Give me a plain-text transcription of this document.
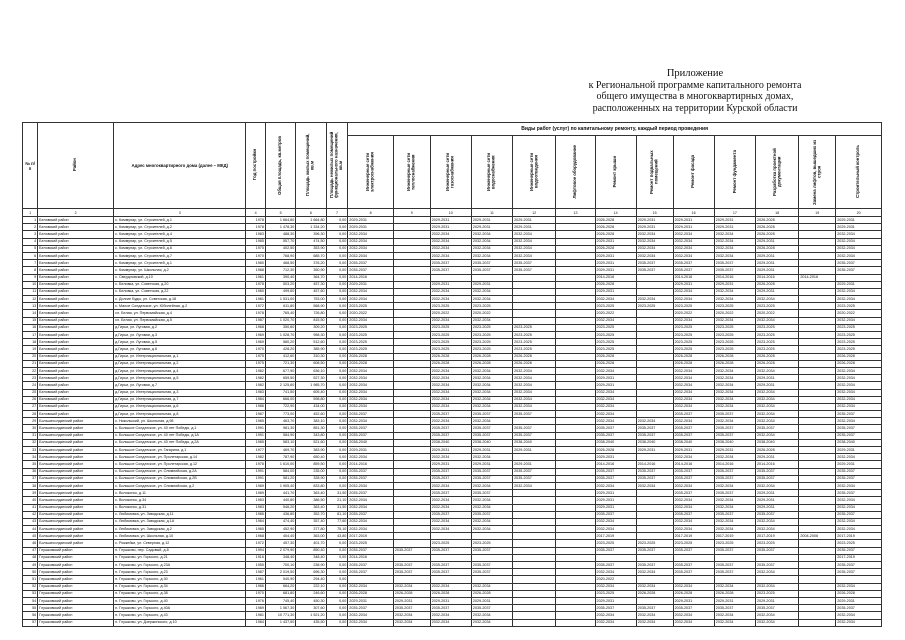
Приложение
к Региональной программе капитального ремонта
общего имущества в многоквартирных домах,
расположенных на территории Курской области
№ п/п	Район	Адрес многоквартирного дома (далее – МКД)	Год постройки	Общая площадь, кв.метров	Площадь жилых помещений, кв.м	Площадь нежилых помещений функционального назначения, кв.м	Виды работ (услуг) по капитальному ремонту, каждый период проведения												
							Инженерные сети электроснабжения	Инженерные сети теплоснабжения	Инженерные сети газоснабжения	Инженерные сети водоснабжения	Инженерные сети водоотведения	Лифтовое оборудование	Ремонт крыши	Ремонт подвальных помещений	Ремонт фасада	Ремонт фундамента	Разработка проектной документации	Замена лифтов, вышедших из строя	Строительный контроль
1	2	3	4	5	6	7	8	9	10	11	12	13	14	15	16	17	18	19	20
1	Беловский район	с. Коммунар, ул. Строителей, д.1	1978	1 664,80	1 664,80	0,00	2029-2031		2029-2031	2029-2031	2029-2031		2026-2028	2029-2031	2029-2031	2029-2031	2026-2028		2029-2031
2	Беловский район	с. Коммунар, ул. Строителей, д.2	1978	1 478,30	1 334,20	0,00	2029-2031		2029-2031	2029-2031	2029-2031		2026-2028	2029-2031	2029-2031	2029-2031	2026-2028		2029-2031
3	Беловский район	с. Коммунар, ул. Строителей, д.4	1983	488,30	396,30	0,00	2032-2034		2032-2034	2032-2034	2032-2034		2026-2028	2032-2034	2032-2034	2032-2034	2026-2028		2032-2034
4	Беловский район	с. Коммунар, ул. Строителей, д.5	1985	557,70	474,50	0,00	2032-2034		2032-2034	2032-2034	2032-2034		2029-2031	2032-2034	2032-2034	2032-2034	2029-2031		2032-2034
5	Беловский район	с. Коммунар, ул. Строителей, д.6	1975	402,50	353,90	0,00	2032-2034		2032-2034	2032-2034	2032-2034		2026-2028	2032-2034	2032-2034	2032-2034	2026-2028		2032-2034
6	Беловский район	с. Коммунар, ул. Строителей, д.7	1970	768,90	685,70	0,00	2032-2034		2032-2034	2032-2034	2032-2034		2029-2031	2032-2034	2032-2034	2032-2034	2029-2031		2032-2034
7	Беловский район	с. Коммунар, ул. Строителей, д.1	1980	468,50	376,20	0,00	2035-2037		2035-2037	2035-2037	2035-2037		2029-2031	2035-2037	2035-2037	2035-2037	2029-2031		2035-2037
8	Беловский район	с. Коммунар, ул. Школьная, д.2	1988	712,30	350,90	0,00	2035-2037		2035-2037	2035-2037	2035-2037		2029-2031	2035-2037	2035-2037	2035-2037	2029-2031		2035-2037
9	Беловский район	с. Свердловский, д.10	1961	390,40	364,70	0,00	2014-2016						2014-2016		2014-2016	2014-2016	2014-2016	2014-2016	
10	Беловский район	с. Беловка, ул. Советская, д.20	1978	503,20	457,30	0,00	2029-2031		2029-2031	2029-2031			2026-2028		2029-2031	2029-2031	2026-2028		2029-2031
11	Беловский район	с. Беловка, ул. Советская, д.22	1980	499,60	457,60	0,00	2032-2034		2032-2034	2032-2034			2029-2031		2032-2034	2032-2034	2029-2031		2032-2034
12	Беловский район	с. Долгие Буды, ул. Советская, д.18	1981	1 531,00	753,00	0,00	2032-2034		2032-2034	2032-2034			2032-2034	2032-2034	2032-2034	2032-2034	2032-2034		2032-2034
13	Беловский район	с. Малое Солдатское, ул. Юбилейная, д.2	1972	611,80	568,90	0,00	2023-2025		2023-2025	2023-2025			2023-2025	2023-2025	2023-2025	2023-2025	2023-2025		2023-2025
14	Беловский район	сл. Белая, ул. Первомайская, д.4	1978	765,40	726,80	0,00	2020-2022		2020-2022	2020-2022			2020-2022		2020-2022	2020-2022	2020-2022		2020-2022
15	Беловский район	сл. Белая, ул. Первомайская, д.5	1987	1 020,70	815,50	0,00	2032-2034		2032-2034	2032-2034			2032-2034		2032-2034	2032-2034	2032-2034		2032-2034
16	Беловский район	д.Гирьи, ул. Луговая, д.2	1968	350,60	309,20	0,00	2023-2025		2023-2025	2023-2025	2023-2025		2023-2025		2023-2025	2023-2025	2023-2025		2023-2025
17	Беловский район	д.Гирьи, ул. Луговая, д.3	1969	1 028,70	958,30	0,00	2023-2025		2023-2025	2023-2025	2023-2025		2023-2025		2023-2025	2023-2025	2023-2025		2023-2025
18	Беловский район	д.Гирьи, ул. Луговая, д.5	1969	580,20	512,60	0,00	2023-2025		2023-2025	2023-2025	2023-2025		2023-2025		2023-2025	2023-2025	2023-2025		2023-2025
19	Беловский район	д.Гирьи, ул. Луговая, д.6	1970	428,20	385,90	0,00	2023-2025		2023-2025	2023-2025	2023-2025		2023-2025		2023-2025	2023-2025	2023-2025		2023-2025
20	Беловский район	д.Гирьи, ул. Интернациональная, д.1	1975	412,60	310,30	0,00	2026-2028		2026-2028	2026-2028	2026-2028		2026-2028		2026-2028	2026-2028	2026-2028		2026-2028
21	Беловский район	д.Гирьи, ул. Интернациональная, д.2	1975	721,30	608,50	0,00	2026-2028		2026-2028	2026-2028	2026-2028		2026-2028		2026-2028	2026-2028	2026-2028		2026-2028
22	Беловский район	д.Гирьи, ул. Интернациональная, д.4	1982	677,90	636,10	0,00	2032-2034		2032-2034	2032-2034	2032-2034		2032-2034		2032-2034	2032-2034	2032-2034		2032-2034
23	Беловский район	д.Гирьи, ул. Интернациональная, д.5	1982	659,50	527,30	0,00	2032-2034		2032-2034	2032-2034	2032-2034		2029-2031		2032-2034	2032-2034	2029-2031		2032-2034
24	Беловский район	д.Гирьи, ул. Луговая, д.7	1982	2 125,60	1 985,70	0,00	2032-2034		2032-2034	2032-2034	2032-2034		2029-2031		2032-2034	2032-2034	2029-2031		2032-2034
25	Беловский район	д.Гирьи, ул. Интернациональная, д.3	1983	741,50	605,40	0,00	2032-2034		2032-2034	2032-2034	2032-2034		2032-2034		2032-2034	2032-2034	2032-2034		2032-2034
26	Беловский район	д.Гирьи, ул. Интернациональная, д.7	1984	666,00	598,80	0,00	2032-2034		2032-2034	2032-2034	2032-2034		2032-2034		2032-2034	2032-2034	2032-2034		2032-2034
27	Беловский район	д.Гирьи, ул. Интернациональная, д.6	1986	722,90	434,00	0,00	2032-2034		2032-2034	2032-2034	2032-2034		2032-2034		2032-2034	2032-2034	2032-2034		2032-2034
28	Беловский район	д.Гирьи, ул. Интернациональная, д.8	1987	773,00	452,60	0,00	2035-2037		2035-2037	2035-2037	2035-2037		2032-2034		2035-2037	2035-2037	2032-2034		2035-2037
29	Большесолдатский район	с. Никольский, ул. Школьная, д.98	1985	463,70	383,10	0,00	2032-2034		2032-2034	2032-2034			2032-2034	2032-2034	2032-2034	2032-2034	2032-2034		2032-2034
30	Большесолдатский район	с. Большое Солдатское, ул. 40 лет Победы, д.1	1991	981,30	851,30	0,00	2035-2037		2035-2037	2035-2037	2035-2037		2035-2037	2035-2037	2035-2037	2035-2037	2035-2037		2035-2037
31	Большесолдатский район	с. Большое Солдатское, ул. 40 лет Победы, д.1А	1991	584,90	343,80	0,00	2035-2037		2035-2037	2035-2037	2035-2037		2035-2037	2035-2037	2035-2037	2035-2037	2032-2034		2035-2037
32	Большесолдатский район	с. Большое Солдатское, ул. 40 лет Победы, д.2А	1985	583,10	521,60	0,00	2038-2040		2038-2040	2038-2040	2038-2040		2038-2040	2038-2040	2038-2040	2038-2040	2038-2040		2038-2040
33	Большесолдатский район	с. Большое Солдатское, ул. Гагарина, д.1	1977	469,70	383,90	0,00	2029-2031		2029-2031	2029-2031	2029-2031		2026-2028	2029-2031	2029-2031	2029-2031	2026-2028		2029-2031
34	Большесолдатский район	с. Большое Солдатское, ул. Пролетарская, д.14	1982	787,90	650,40	0,00	2032-2034		2032-2034	2032-2034			2029-2031		2032-2034	2032-2034	2029-2031		2032-2034
35	Большесолдатский район	с. Большое Солдатское, ул. Пролетарская, д.12	1978	1 610,00	859,50	0,00	2014-2016		2029-2031	2029-2031	2029-2031		2014-2016	2014-2016	2014-2016	2014-2016	2014-2016		2029-2031
36	Большесолдатский район	с. Большое Солдатское, ул. Олимпийская, д.2А	1991	584,00	235,00	0,00	2035-2037		2035-2037	2035-2037	2035-2037		2035-2037	2035-2037	2035-2037	2035-2037	2035-2037		2035-2037
37	Большесолдатский район	с. Большое Солдатское, ул. Олимпийская, д.2В	1991	581,20	328,90	0,00	2035-2037		2035-2037	2035-2037	2035-2037		2035-2037	2035-2037	2035-2037	2035-2037	2035-2037		2035-2037
38	Большесолдатский район	с. Большое Солдатское, ул. Олимпийская, д.2	1989	1 905,40	833,80	0,00	2032-2034		2032-2034	2032-2034	2032-2034		2032-2034	2032-2034	2032-2034	2032-2034	2032-2034		2032-2034
39	Большесолдатский район	с. Волоконск, д.11	1989	441,70	363,40	31,50	2035-2037		2035-2037	2035-2037			2029-2031		2035-2037	2035-2037	2029-2031		2035-2037
40	Большесолдатский район	с. Волоконск, д.34	1983	440,80	386,50	21,10	2032-2034		2032-2034	2032-2034			2029-2031		2032-2034	2032-2034	2029-2031		2032-2034
41	Большесолдатский район	с. Волоконск, д.31	1983	546,20	363,40	31,50	2032-2034		2032-2034	2032-2034			2029-2031		2032-2034	2032-2034	2029-2031		2032-2034
42	Большесолдатский район	с. Любимовка, ул. Заводская, д.11	1986	436,80	352,70	81,10	2035-2037		2035-2037	2035-2037			2035-2037		2035-2037	2035-2037	2035-2037		2035-2037
43	Большесолдатский район	с. Любимовка, ул. Заводская, д.1А	1984	474,40	357,40	77,60	2032-2034		2032-2034	2032-2034			2032-2034		2032-2034	2032-2034	2032-2034		2032-2034
44	Большесолдатский район	с. Любимовка, ул. Заводская, д.2	1985	452,90	377,80	75,10	2032-2034		2032-2034	2032-2034			2032-2034		2032-2034	2032-2034	2032-2034		2032-2034
45	Большесолдатский район	с. Любимовка, ул. Школьная, д.10	1968	404,40	363,00	43,80	2017-2019						2017-2019		2017-2019	2017-2019	2017-2019	2004-2006	2017-2019
46	Большесолдатский район	с. Рожкейки, ул. Северная, д.12	1972	457,30	401,70	0,00	2023-2025		2023-2025	2023-2025			2023-2025	2023-2025	2023-2025	2023-2025	2023-2025		2023-2025
47	Глушковский район	п. Глушково, пер. Садовый, д.8	1994	2 079,90	850,40	0,00	2035-2037	2035-2037	2035-2037	2035-2037			2035-2037	2035-2037	2035-2037	2035-2037	2035-2037		2035-2037
48	Глушковский район	п. Глушково, ул. Горького, д.21	1916	348,40	348,40	0,00	2014-2016												2017-2019
49	Глушковский район	п. Глушково, ул. Горького, д.23А	1955	700,10	238,90	0,00	2035-2037	2035-2037	2035-2037	2035-2037			2035-2037	2035-2037	2035-2037	2035-2037	2035-2037		2035-2037
50	Глушковский район	п. Глушково, ул. Горького, д.23	1987	2 019,50	696,30	0,00	2035-2037	2035-2037	2035-2037	2035-2037			2032-2034	2032-2034	2035-2037	2035-2037	2032-2034		2035-2037
51	Глушковский район	п. Глушково, ул. Горького, д.30	1961	540,90	294,40	0,00							2020-2022						
52	Глушковский район	п. Глушково, ул. Горького, д.34	1986	664,20	222,10	0,00	2032-2034	2032-2034	2032-2034	2032-2034			2032-2034	2032-2034	2032-2034	2032-2034	2032-2034		2032-2034
53	Глушковский район	п. Глушково, ул. Горького, д.38	1970	681,80	246,60	0,00	2026-2028	2026-2028	2026-2028	2026-2028			2023-2025	2026-2028	2026-2028	2026-2028	2023-2025		2026-2028
54	Глушковский район	п. Глушково, ул. Горького, д.40	1976	745,40	450,30	0,00	2029-2031	2029-2031	2029-2031	2029-2031			2029-2031		2029-2031	2029-2031	2029-2031		2029-2031
55	Глушковский район	п. Глушково, ул. Горького, д.40А	1989	1 567,30	307,60	0,00	2035-2037	2035-2037	2035-2037	2035-2037			2035-2037	2035-2037	2035-2037	2035-2037	2035-2037		2035-2037
56	Глушковский район	п. Глушково, ул. Горького, д.43	1981	10 771,30	1 521,20	0,00	2032-2034	2032-2034	2032-2034	2032-2034			2032-2034	2032-2034	2032-2034	2032-2034	2032-2034		2032-2034
57	Глушковский район	п. Глушково, ул. Дзержинского, д.10	1984	1 437,50	435,50	0,00	2032-2034	2032-2034	2032-2034	2032-2034			2032-2034	2032-2034	2032-2034	2032-2034	2032-2034		2032-2034
